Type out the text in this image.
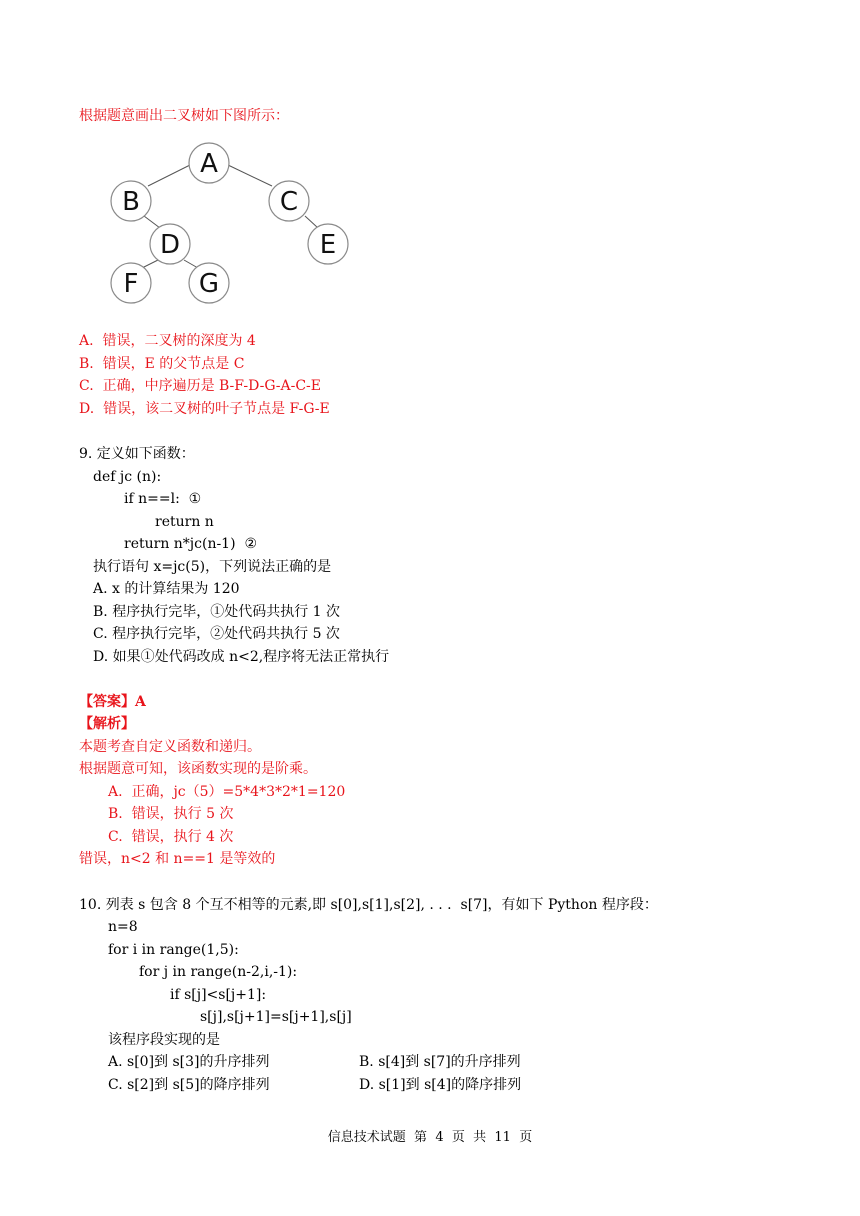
根据题意画出二叉树如下图所示：
A
B	C
D	E
F G
A.  错误，二叉树的深度为 4
B.  错误，E 的父节点是 C
C.  正确，中序遍历是 B-F-D-G-A-C-E
D.  错误，该二叉树的叶子节点是 F-G-E
9. 定义如下函数：
def jc (n):
if n==l:  ①
return n
return n*jc(n-1)  ②
执行语句 x=jc(5)，下列说法正确的是
A. x 的计算结果为 120
B. 程序执行完毕，①处代码共执行 1 次
C. 程序执行完毕，②处代码共执行 5 次
D. 如果①处代码改成 n<2,程序将无法正常执行
【答案】A
【解析】
本题考查自定义函数和递归。
根据题意可知，该函数实现的是阶乘。
A.  正确，jc（5）=5*4*3*2*1=120
B.  错误，执行 5 次
C.  错误，执行 4 次
错误，n<2 和 n==1 是等效的
10. 列表 s 包含 8 个互不相等的元素,即 s[0],s[1],s[2], . . .  s[7]，有如下 Python 程序段：
n=8
for i in range(1,5):
for j in range(n-2,i,-1):
if s[j]<s[j+1]:
s[j],s[j+1]=s[j+1],s[j]
该程序段实现的是
A. s[0]到 s[3]的升序排列	B. s[4]到 s[7]的升序排列
C. s[2]到 s[5]的降序排列	D. s[1]到 s[4]的降序排列
信息技术试题  第  4  页  共  11  页
